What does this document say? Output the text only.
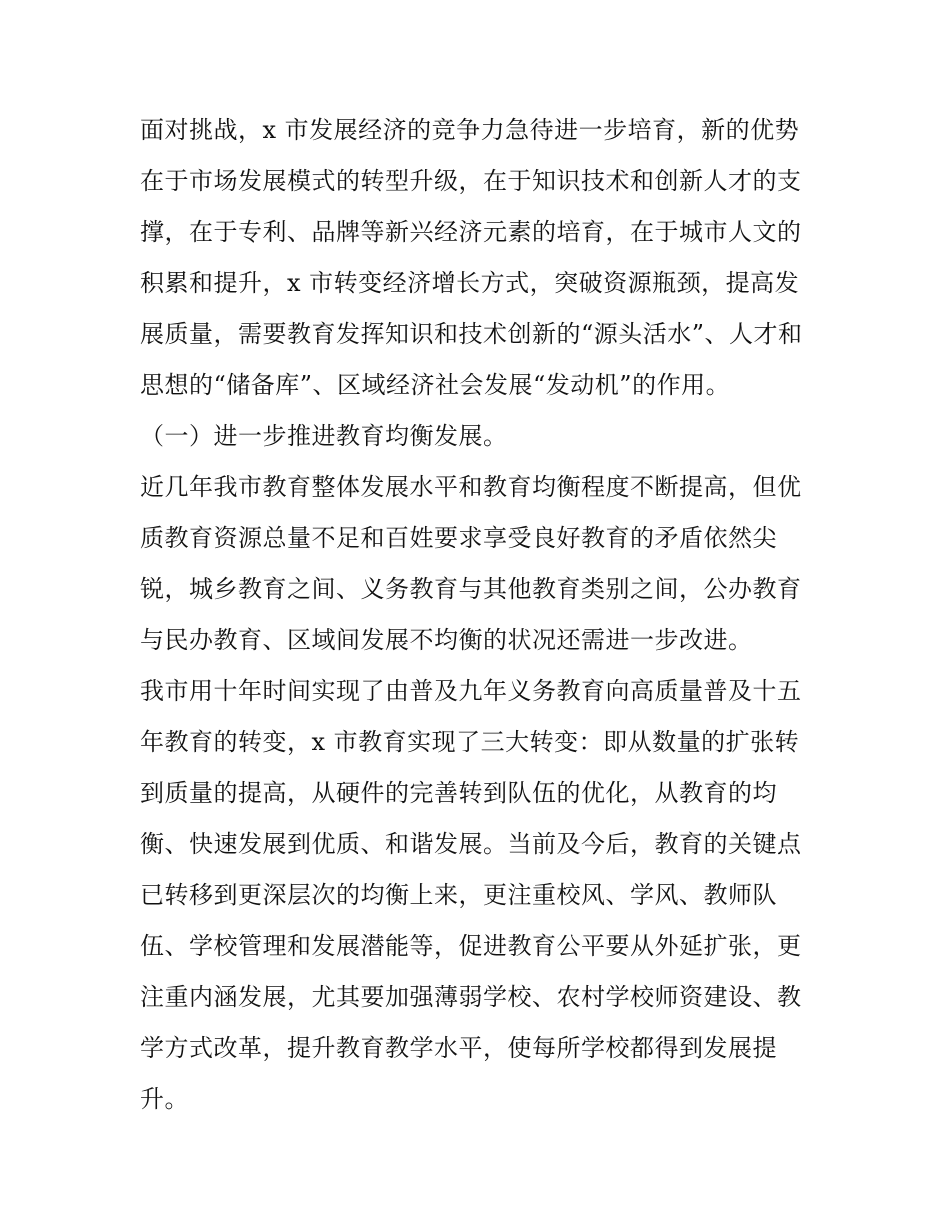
面对挑战，x 市发展经济的竞争力急待进一步培育，新的优势
在于市场发展模式的转型升级，在于知识技术和创新人才的支
撑，在于专利、品牌等新兴经济元素的培育，在于城市人文的
积累和提升，x 市转变经济增长方式，突破资源瓶颈，提高发
展质量，需要教育发挥知识和技术创新的“源头活水”、人才和
思想的“储备库”、区域经济社会发展“发动机”的作用。
（一）进一步推进教育均衡发展。
近几年我市教育整体发展水平和教育均衡程度不断提高，但优
质教育资源总量不足和百姓要求享受良好教育的矛盾依然尖
锐，城乡教育之间、义务教育与其他教育类别之间，公办教育
与民办教育、区域间发展不均衡的状况还需进一步改进。
我市用十年时间实现了由普及九年义务教育向高质量普及十五
年教育的转变，x 市教育实现了三大转变：即从数量的扩张转
到质量的提高，从硬件的完善转到队伍的优化，从教育的均
衡、快速发展到优质、和谐发展。当前及今后，教育的关键点
已转移到更深层次的均衡上来，更注重校风、学风、教师队
伍、学校管理和发展潜能等，促进教育公平要从外延扩张，更
注重内涵发展，尤其要加强薄弱学校、农村学校师资建设、教
学方式改革，提升教育教学水平，使每所学校都得到发展提
升。
